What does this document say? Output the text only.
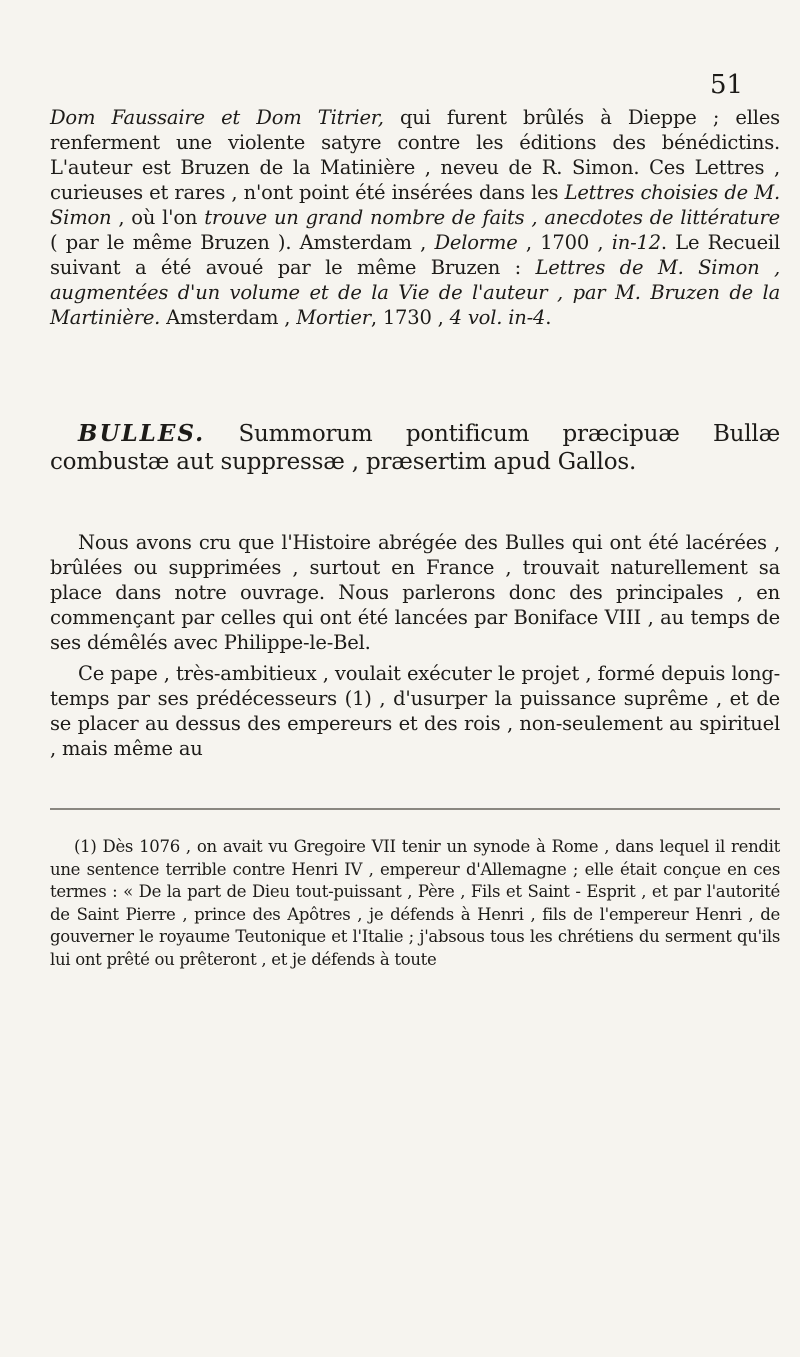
51

Dom Faussaire et Dom Titrier, qui furent brûlés à Dieppe ; elles renferment une violente satyre contre les éditions des bénédictins. L'auteur est Bruzen de la Matinière , neveu de R. Simon. Ces Lettres , curieuses et rares , n'ont point été insérées dans les Lettres choisies de M. Simon , où l'on trouve un grand nombre de faits , anecdotes de littérature ( par le même Bruzen ). Amsterdam , Delorme , 1700 , in-12. Le Recueil suivant a été avoué par le même Bruzen : Lettres de M. Simon , augmentées d'un volume et de la Vie de l'auteur , par M. Bruzen de la Martinière. Amsterdam , Mortier, 1730 , 4 vol. in-4.

BULLES. Summorum pontificum præcipuæ Bullæ combustæ aut suppressæ , præsertim apud Gallos.

Nous avons cru que l'Histoire abrégée des Bulles qui ont été lacérées , brûlées ou supprimées , surtout en France , trouvait naturellement sa place dans notre ouvrage. Nous parlerons donc des principales , en commençant par celles qui ont été lancées par Boniface VIII , au temps de ses démêlés avec Philippe-le-Bel.

Ce pape , très-ambitieux , voulait exécuter le projet , formé depuis long-temps par ses prédécesseurs (1) , d'usurper la puissance suprême , et de se placer au dessus des empereurs et des rois , non-seulement au spirituel , mais même au

(1) Dès 1076 , on avait vu Gregoire VII tenir un synode à Rome , dans lequel il rendit une sentence terrible contre Henri IV , empereur d'Allemagne ; elle était conçue en ces termes : « De la part de Dieu tout-puissant , Père , Fils et Saint - Esprit , et par l'autorité de Saint Pierre , prince des Apôtres , je défends à Henri , fils de l'empereur Henri , de gouverner le royaume Teutonique et l'Italie ; j'absous tous les chrétiens du serment qu'ils lui ont prêté ou prêteront , et je défends à toute
